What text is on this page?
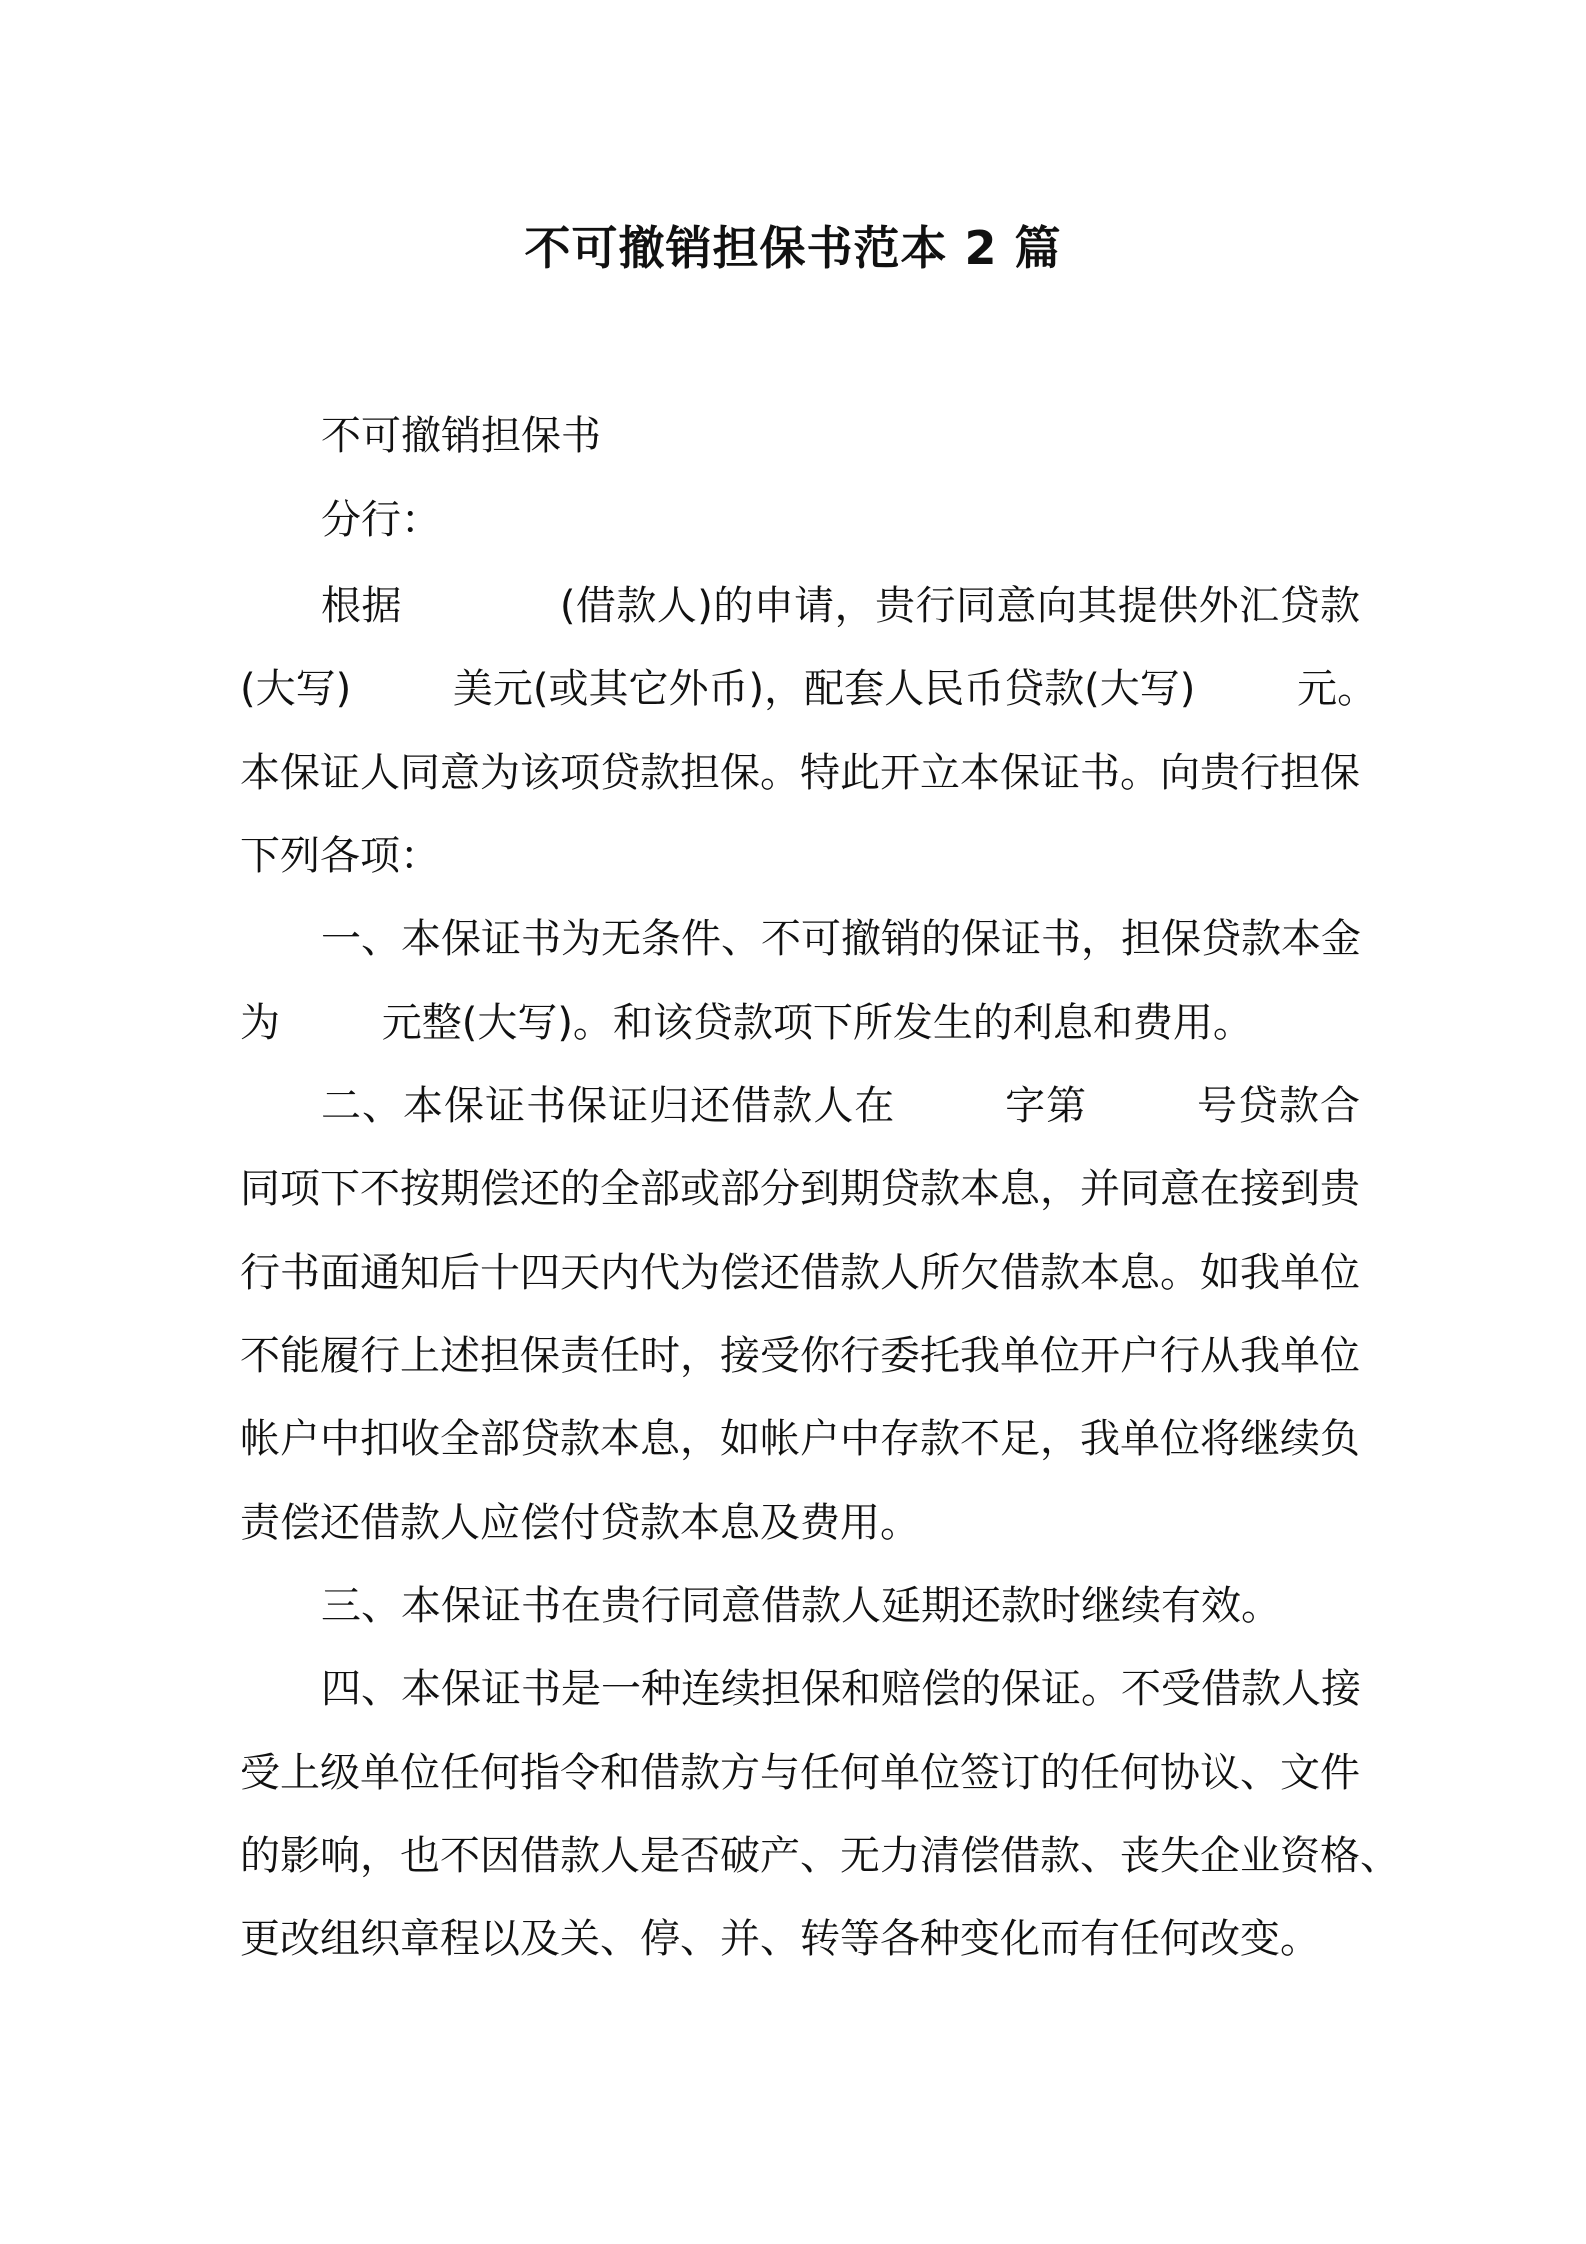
不可撤销担保书范本 2 篇
不可撤销担保书
分行：
根据            (借款人)的申请，贵行同意向其提供外汇贷款
(大写)        美元(或其它外币)，配套人民币贷款(大写)        元。
本保证人同意为该项贷款担保。特此开立本保证书。向贵行担保
下列各项：
一、本保证书为无条件、不可撤销的保证书，担保贷款本金
为        元整(大写)。和该贷款项下所发生的利息和费用。
二、本保证书保证归还借款人在        字第        号贷款合
同项下不按期偿还的全部或部分到期贷款本息，并同意在接到贵
行书面通知后十四天内代为偿还借款人所欠借款本息。如我单位
不能履行上述担保责任时，接受你行委托我单位开户行从我单位
帐户中扣收全部贷款本息，如帐户中存款不足，我单位将继续负
责偿还借款人应偿付贷款本息及费用。
三、本保证书在贵行同意借款人延期还款时继续有效。
四、本保证书是一种连续担保和赔偿的保证。不受借款人接
受上级单位任何指令和借款方与任何单位签订的任何协议、文件
的影响，也不因借款人是否破产、无力清偿借款、丧失企业资格、
更改组织章程以及关、停、并、转等各种变化而有任何改变。
